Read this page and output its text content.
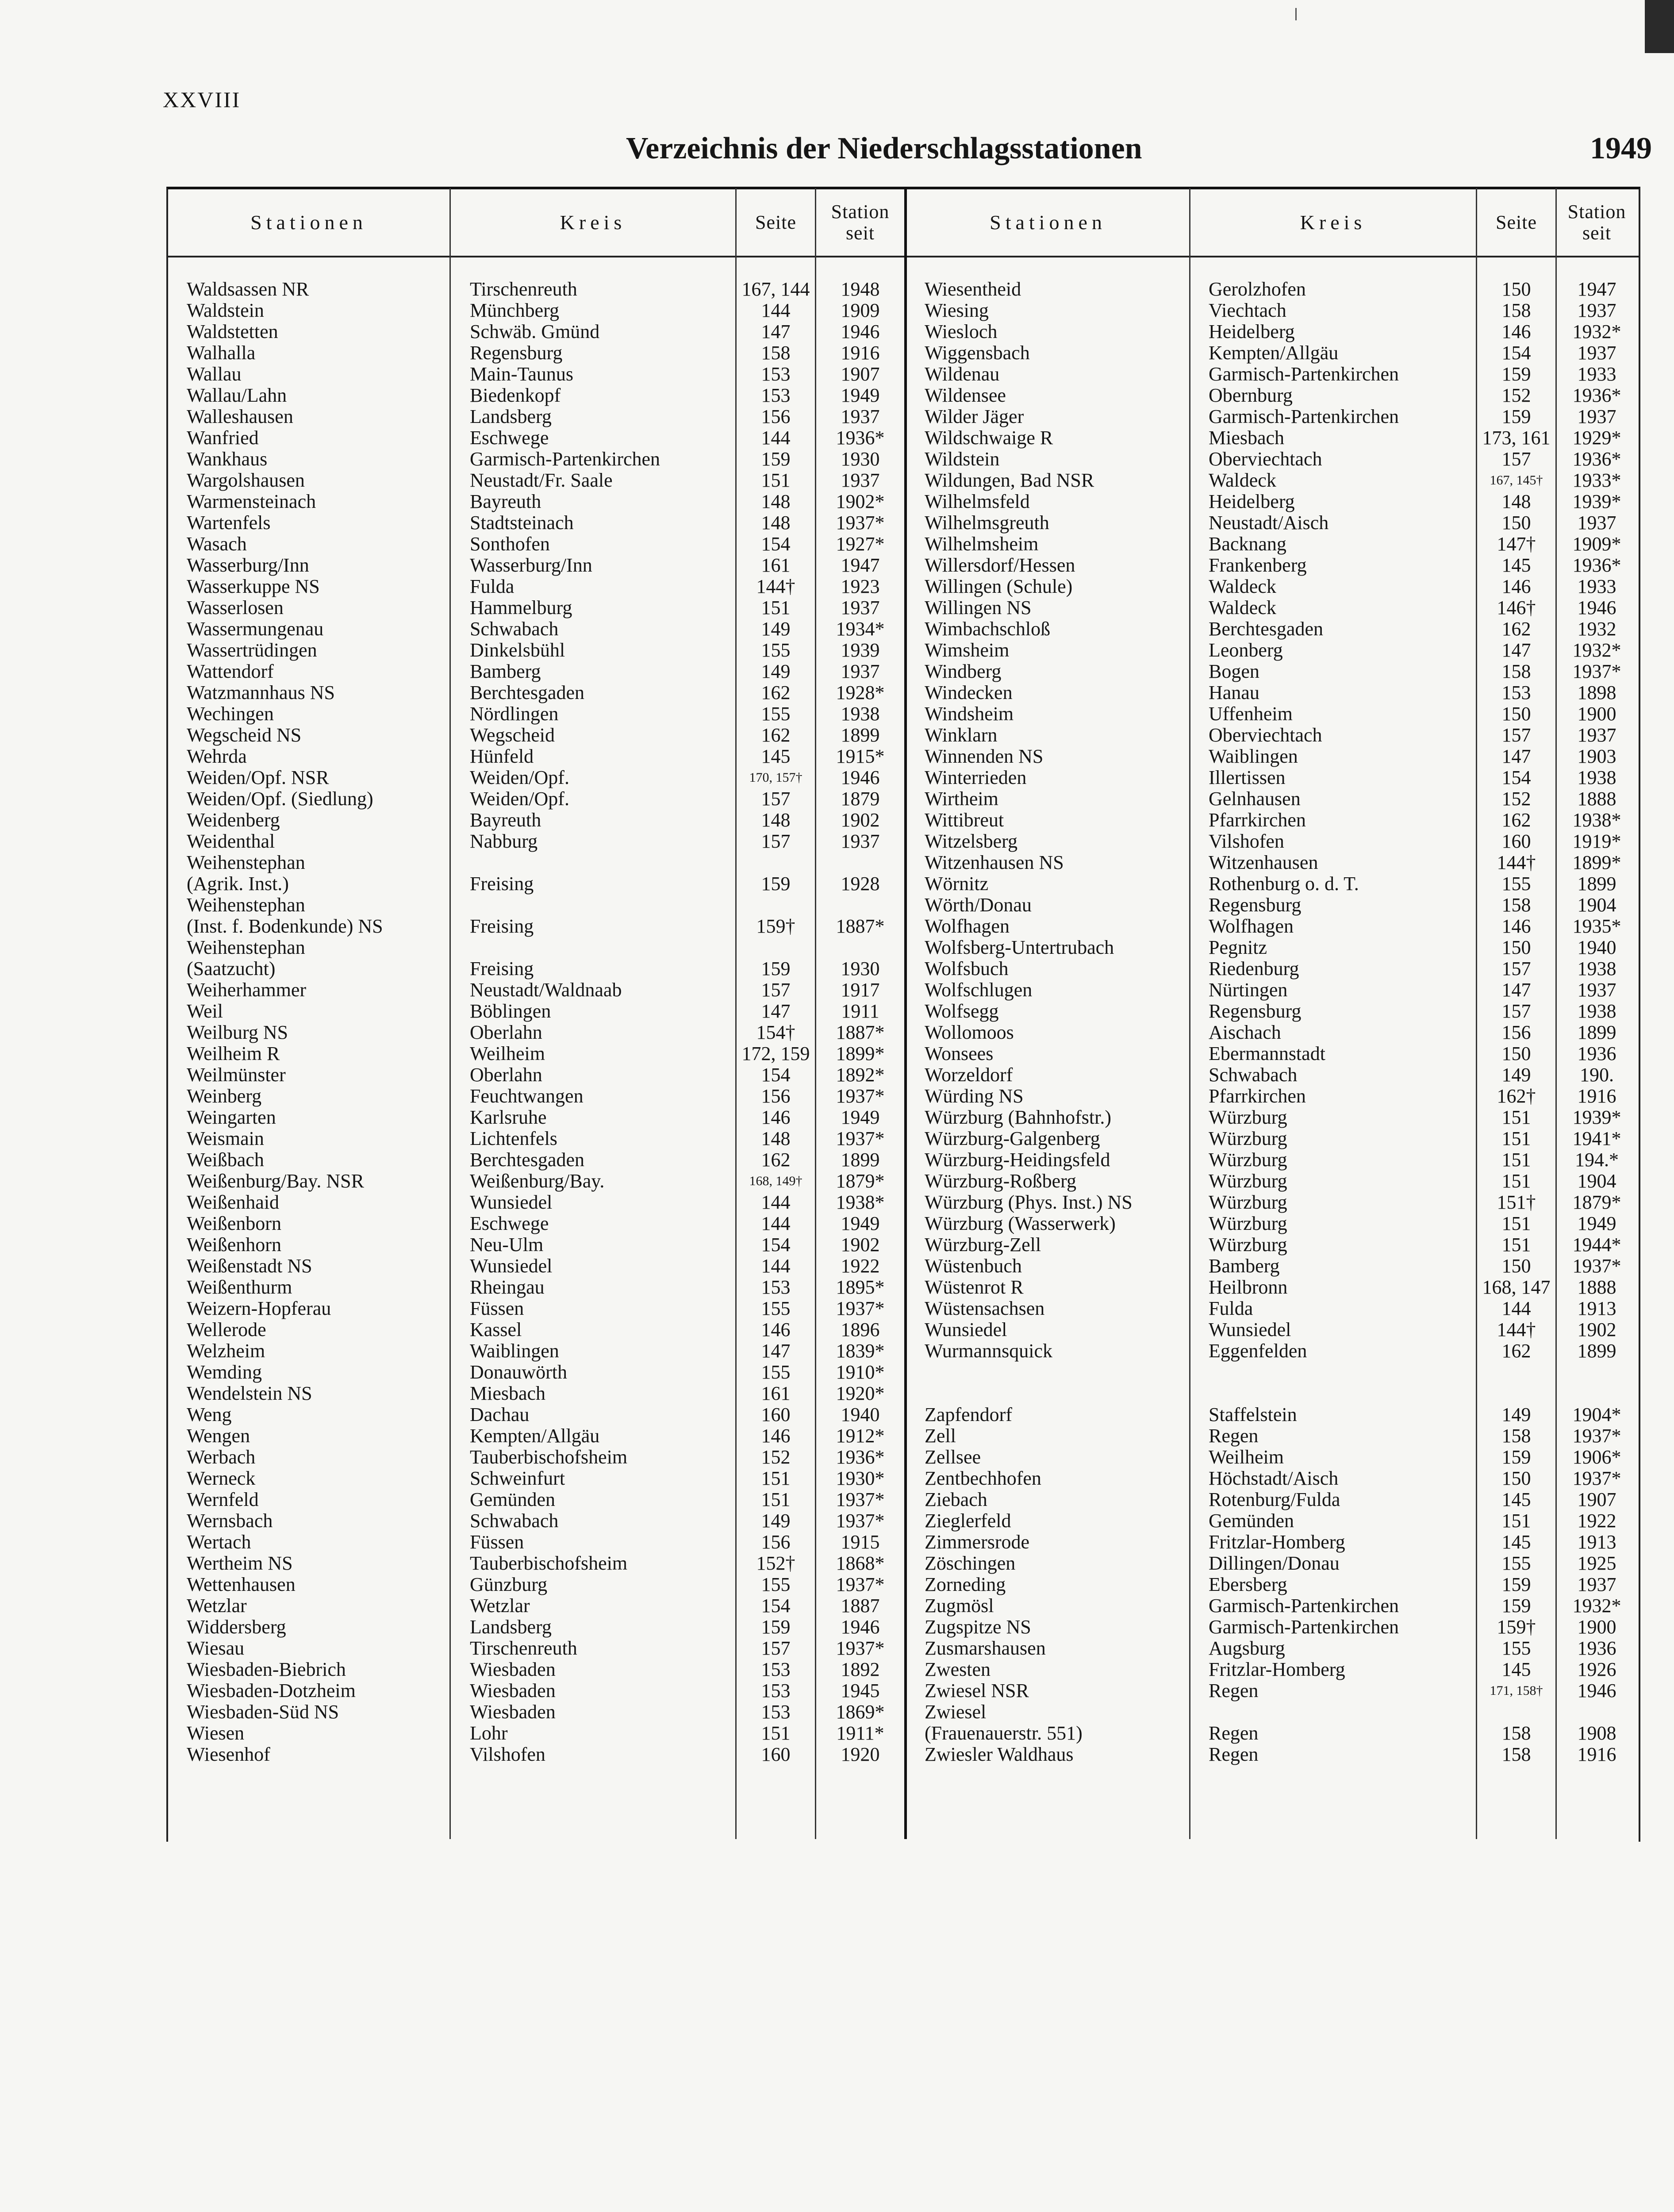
XXVIII
Verzeichnis der Niederschlagsstationen	1949
Stationen	Kreis	Seite	Station seit	Stationen	Kreis	Seite	Station seit
Waldsassen NR	Tirschenreuth	167, 144	1948
Waldstein	Münchberg	144	1909
Waldstetten	Schwäb. Gmünd	147	1946
Walhalla	Regensburg	158	1916
Wallau	Main-Taunus	153	1907
Wallau/Lahn	Biedenkopf	153	1949
Walleshausen	Landsberg	156	1937
Wanfried	Eschwege	144	1936*
Wankhaus	Garmisch-Partenkirchen	159	1930
Wargolshausen	Neustadt/Fr. Saale	151	1937
Warmensteinach	Bayreuth	148	1902*
Wartenfels	Stadtsteinach	148	1937*
Wasach	Sonthofen	154	1927*
Wasserburg/Inn	Wasserburg/Inn	161	1947
Wasserkuppe NS	Fulda	144†	1923
Wasserlosen	Hammelburg	151	1937
Wassermungenau	Schwabach	149	1934*
Wassertrüdingen	Dinkelsbühl	155	1939
Wattendorf	Bamberg	149	1937
Watzmannhaus NS	Berchtesgaden	162	1928*
Wechingen	Nördlingen	155	1938
Wegscheid NS	Wegscheid	162	1899
Wehrda	Hünfeld	145	1915*
Weiden/Opf. NSR	Weiden/Opf.	170, 157†	1946
Weiden/Opf. (Siedlung)	Weiden/Opf.	157	1879
Weidenberg	Bayreuth	148	1902
Weidenthal	Nabburg	157	1937
Weihenstephan
(Agrik. Inst.)	Freising	159	1928
Weihenstephan
(Inst. f. Bodenkunde) NS	Freising	159†	1887*
Weihenstephan
(Saatzucht)	Freising	159	1930
Weiherhammer	Neustadt/Waldnaab	157	1917
Weil	Böblingen	147	1911
Weilburg NS	Oberlahn	154†	1887*
Weilheim R	Weilheim	172, 159	1899*
Weilmünster	Oberlahn	154	1892*
Weinberg	Feuchtwangen	156	1937*
Weingarten	Karlsruhe	146	1949
Weismain	Lichtenfels	148	1937*
Weißbach	Berchtesgaden	162	1899
Weißenburg/Bay. NSR	Weißenburg/Bay.	168, 149†	1879*
Weißenhaid	Wunsiedel	144	1938*
Weißenborn	Eschwege	144	1949
Weißenhorn	Neu-Ulm	154	1902
Weißenstadt NS	Wunsiedel	144	1922
Weißenthurm	Rheingau	153	1895*
Weizern-Hopferau	Füssen	155	1937*
Wellerode	Kassel	146	1896
Welzheim	Waiblingen	147	1839*
Wemding	Donauwörth	155	1910*
Wendelstein NS	Miesbach	161	1920*
Weng	Dachau	160	1940
Wengen	Kempten/Allgäu	146	1912*
Werbach	Tauberbischofsheim	152	1936*
Werneck	Schweinfurt	151	1930*
Wernfeld	Gemünden	151	1937*
Wernsbach	Schwabach	149	1937*
Wertach	Füssen	156	1915
Wertheim NS	Tauberbischofsheim	152†	1868*
Wettenhausen	Günzburg	155	1937*
Wetzlar	Wetzlar	154	1887
Widdersberg	Landsberg	159	1946
Wiesau	Tirschenreuth	157	1937*
Wiesbaden-Biebrich	Wiesbaden	153	1892
Wiesbaden-Dotzheim	Wiesbaden	153	1945
Wiesbaden-Süd NS	Wiesbaden	153	1869*
Wiesen	Lohr	151	1911*
Wiesenhof	Vilshofen	160	1920
Wiesentheid	Gerolzhofen	150	1947
Wiesing	Viechtach	158	1937
Wiesloch	Heidelberg	146	1932*
Wiggensbach	Kempten/Allgäu	154	1937
Wildenau	Garmisch-Partenkirchen	159	1933
Wildensee	Obernburg	152	1936*
Wilder Jäger	Garmisch-Partenkirchen	159	1937
Wildschwaige R	Miesbach	173, 161	1929*
Wildstein	Oberviechtach	157	1936*
Wildungen, Bad NSR	Waldeck	167, 145†	1933*
Wilhelmsfeld	Heidelberg	148	1939*
Wilhelmsgreuth	Neustadt/Aisch	150	1937
Wilhelmsheim	Backnang	147†	1909*
Willersdorf/Hessen	Frankenberg	145	1936*
Willingen (Schule)	Waldeck	146	1933
Willingen NS	Waldeck	146†	1946
Wimbachschloß	Berchtesgaden	162	1932
Wimsheim	Leonberg	147	1932*
Windberg	Bogen	158	1937*
Windecken	Hanau	153	1898
Windsheim	Uffenheim	150	1900
Winklarn	Oberviechtach	157	1937
Winnenden NS	Waiblingen	147	1903
Winterrieden	Illertissen	154	1938
Wirtheim	Gelnhausen	152	1888
Wittibreut	Pfarrkirchen	162	1938*
Witzelsberg	Vilshofen	160	1919*
Witzenhausen NS	Witzenhausen	144†	1899*
Wörnitz	Rothenburg o. d. T.	155	1899
Wörth/Donau	Regensburg	158	1904
Wolfhagen	Wolfhagen	146	1935*
Wolfsberg-Untertrubach	Pegnitz	150	1940
Wolfsbuch	Riedenburg	157	1938
Wolfschlugen	Nürtingen	147	1937
Wolfsegg	Regensburg	157	1938
Wollomoos	Aischach	156	1899
Wonsees	Ebermannstadt	150	1936
Worzeldorf	Schwabach	149	190.
Würding NS	Pfarrkirchen	162†	1916
Würzburg (Bahnhofstr.)	Würzburg	151	1939*
Würzburg-Galgenberg	Würzburg	151	1941*
Würzburg-Heidingsfeld	Würzburg	151	194.*
Würzburg-Roßberg	Würzburg	151	1904
Würzburg (Phys. Inst.) NS	Würzburg	151†	1879*
Würzburg (Wasserwerk)	Würzburg	151	1949
Würzburg-Zell	Würzburg	151	1944*
Wüstenbuch	Bamberg	150	1937*
Wüstenrot R	Heilbronn	168, 147	1888
Wüstensachsen	Fulda	144	1913
Wunsiedel	Wunsiedel	144†	1902
Wurmannsquick	Eggenfelden	162	1899
Zapfendorf	Staffelstein	149	1904*
Zell	Regen	158	1937*
Zellsee	Weilheim	159	1906*
Zentbechhofen	Höchstadt/Aisch	150	1937*
Ziebach	Rotenburg/Fulda	145	1907
Zieglerfeld	Gemünden	151	1922
Zimmersrode	Fritzlar-Homberg	145	1913
Zöschingen	Dillingen/Donau	155	1925
Zorneding	Ebersberg	159	1937
Zugmösl	Garmisch-Partenkirchen	159	1932*
Zugspitze NS	Garmisch-Partenkirchen	159†	1900
Zusmarshausen	Augsburg	155	1936
Zwesten	Fritzlar-Homberg	145	1926
Zwiesel NSR	Regen	171, 158†	1946
Zwiesel
(Frauenauerstr. 551)	Regen	158	1908
Zwiesler Waldhaus	Regen	158	1916
